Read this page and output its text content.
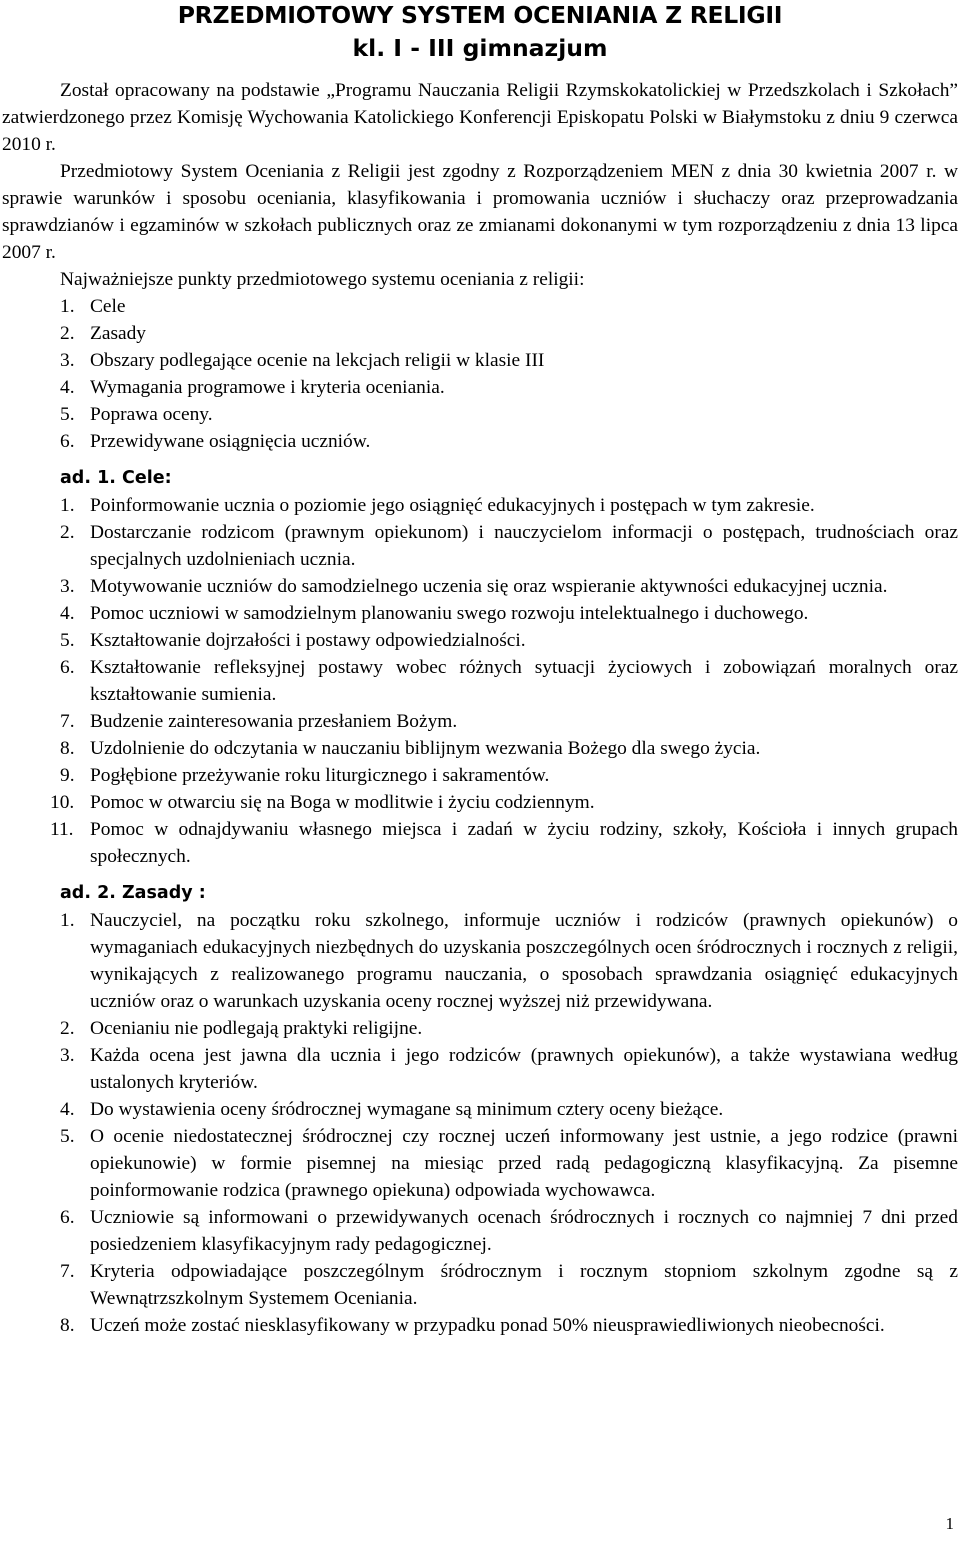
PRZEDMIOTOWY SYSTEM OCENIANIA Z RELIGII
kl. I - III gimnazjum

Został opracowany na podstawie „Programu Nauczania Religii Rzymskokatolickiej w Przedszkolach i Szkołach” zatwierdzonego przez Komisję Wychowania Katolickiego Konferencji Episkopatu Polski w Białymstoku z dniu 9 czerwca 2010 r.

Przedmiotowy System Oceniania z Religii jest zgodny z Rozporządzeniem MEN z dnia 30 kwietnia 2007 r. w sprawie warunków i sposobu oceniania, klasyfikowania i promowania uczniów i słuchaczy oraz przeprowadzania sprawdzianów i egzaminów w szkołach publicznych oraz ze zmianami dokonanymi w tym rozporządzeniu z dnia 13 lipca 2007 r.

Najważniejsze punkty przedmiotowego systemu oceniania z religii:

1. Cele
2. Zasady
3. Obszary podlegające ocenie na lekcjach religii w klasie III
4. Wymagania programowe i kryteria oceniania.
5. Poprawa oceny.
6. Przewidywane osiągnięcia uczniów.

ad. 1. Cele:

1. Poinformowanie ucznia o poziomie jego osiągnięć edukacyjnych i postępach w tym zakresie.
2. Dostarczanie rodzicom (prawnym opiekunom) i nauczycielom informacji o postępach, trudnościach oraz specjalnych uzdolnieniach ucznia.
3. Motywowanie uczniów do samodzielnego uczenia się oraz wspieranie aktywności edukacyjnej ucznia.
4. Pomoc uczniowi w samodzielnym planowaniu swego rozwoju intelektualnego i duchowego.
5. Kształtowanie dojrzałości i postawy odpowiedzialności.
6. Kształtowanie refleksyjnej postawy wobec różnych sytuacji życiowych i zobowiązań moralnych oraz kształtowanie sumienia.
7. Budzenie zainteresowania przesłaniem Bożym.
8. Uzdolnienie do odczytania w nauczaniu biblijnym wezwania Bożego dla swego życia.
9. Pogłębione przeżywanie roku liturgicznego i sakramentów.
10. Pomoc w otwarciu się na Boga w modlitwie i życiu codziennym.
11. Pomoc w odnajdywaniu własnego miejsca i zadań w życiu rodziny, szkoły, Kościoła i innych grupach społecznych.

ad. 2. Zasady :

1. Nauczyciel, na początku roku szkolnego, informuje uczniów i rodziców (prawnych opiekunów) o wymaganiach edukacyjnych niezbędnych do uzyskania poszczególnych ocen śródrocznych i rocznych z religii, wynikających z realizowanego programu nauczania, o sposobach sprawdzania osiągnięć edukacyjnych uczniów oraz o warunkach uzyskania oceny rocznej wyższej niż przewidywana.
2. Ocenianiu nie podlegają praktyki religijne.
3. Każda ocena jest jawna dla ucznia i jego rodziców (prawnych opiekunów), a także wystawiana według ustalonych kryteriów.
4. Do wystawienia oceny śródrocznej wymagane są minimum cztery oceny bieżące.
5. O ocenie niedostatecznej śródrocznej czy rocznej uczeń informowany jest ustnie, a jego rodzice (prawni opiekunowie) w formie pisemnej na miesiąc przed radą pedagogiczną klasyfikacyjną. Za pisemne poinformowanie rodzica (prawnego opiekuna) odpowiada wychowawca.
6. Uczniowie są informowani o przewidywanych ocenach śródrocznych i rocznych co najmniej 7 dni przed posiedzeniem klasyfikacyjnym rady pedagogicznej.
7. Kryteria odpowiadające poszczególnym śródrocznym i rocznym stopniom szkolnym zgodne są z Wewnątrzszkolnym Systemem Oceniania.
8. Uczeń może zostać niesklasyfikowany w przypadku ponad 50% nieusprawiedliwionych nieobecności.
1
